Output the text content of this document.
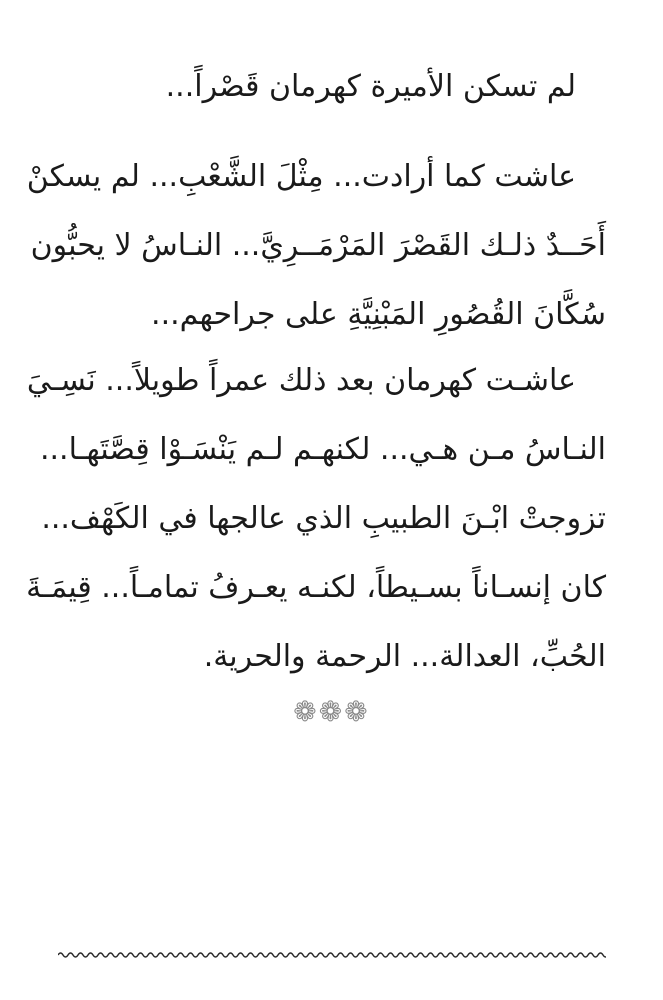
لم تسكن الأميرة كهرمان قَصْراً...
عاشت كما أرادت... مِثْلَ الشَّعْبِ... لم يسكنْ
أَحَــدٌ ذلـك القَصْرَ المَرْمَــرِيَّ... النـاسُ لا يحبُّون
سُكَّانَ القُصُورِ المَبْنِيَّةِ على جراحهم...
عاشـت كهرمان بعد ذلك عمراً طويلاً... نَسِـيَ
النـاسُ مـن هـي... لكنهـم لـم يَنْسَـوْا قِصَّتَهـا...
تزوجتْ ابْـنَ الطبيبِ الذي عالجها في الكَهْف...
كان إنسـاناً بسـيطاً، لكنـه يعـرفُ تمامـاً... قِيمَـةَ
الحُبِّ، العدالة... الرحمة والحرية.
❁❁❁
